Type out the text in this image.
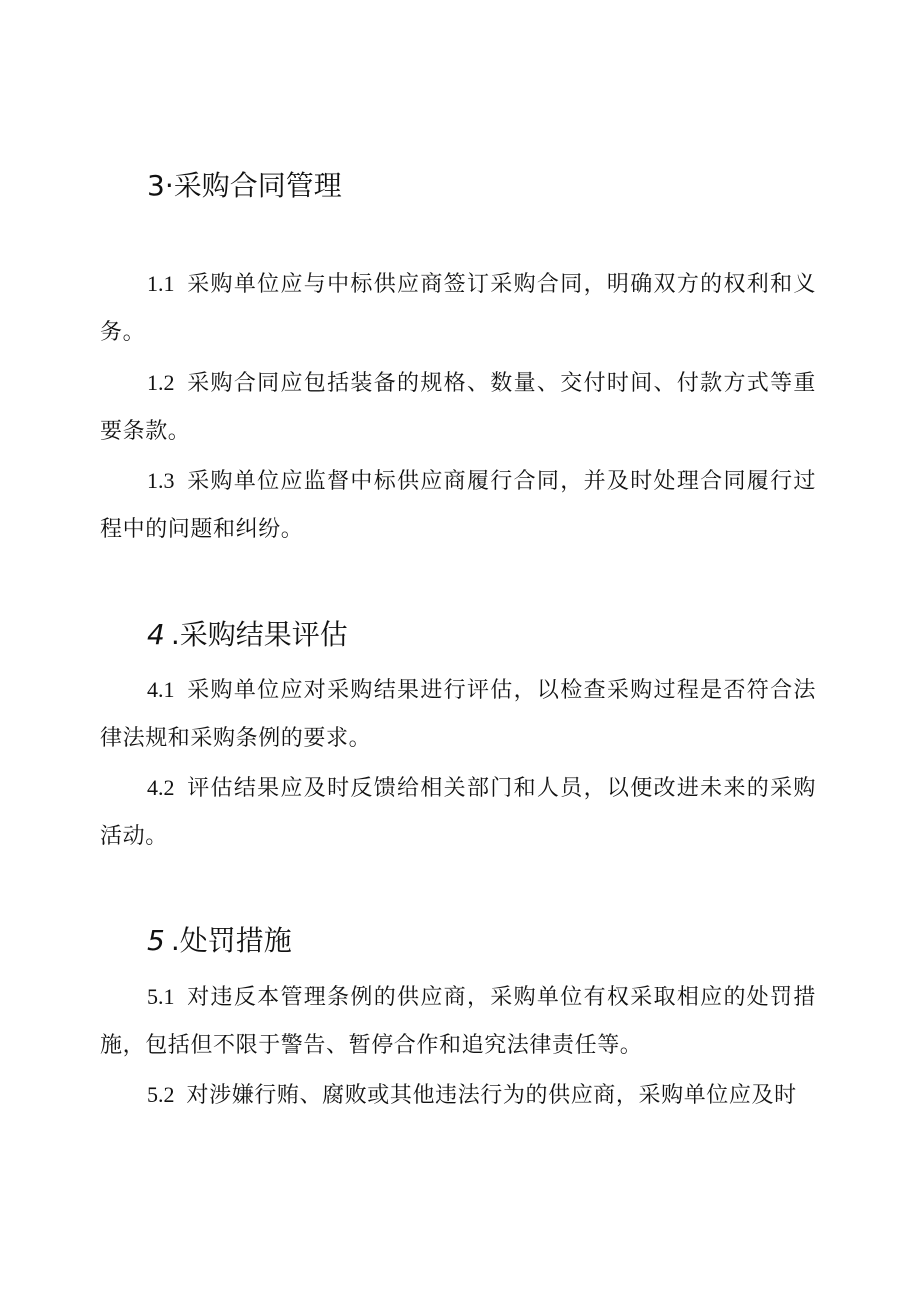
3·采购合同管理
1.1 采购单位应与中标供应商签订采购合同，明确双方的权利和义务。
1.2 采购合同应包括装备的规格、数量、交付时间、付款方式等重要条款。
1.3 采购单位应监督中标供应商履行合同，并及时处理合同履行过程中的问题和纠纷。
4 .采购结果评估
4.1 采购单位应对采购结果进行评估，以检查采购过程是否符合法律法规和采购条例的要求。
4.2 评估结果应及时反馈给相关部门和人员，以便改进未来的采购活动。
5 .处罚措施
5.1 对违反本管理条例的供应商，采购单位有权采取相应的处罚措施，包括但不限于警告、暂停合作和追究法律责任等。
5.2 对涉嫌行贿、腐败或其他违法行为的供应商，采购单位应及时
